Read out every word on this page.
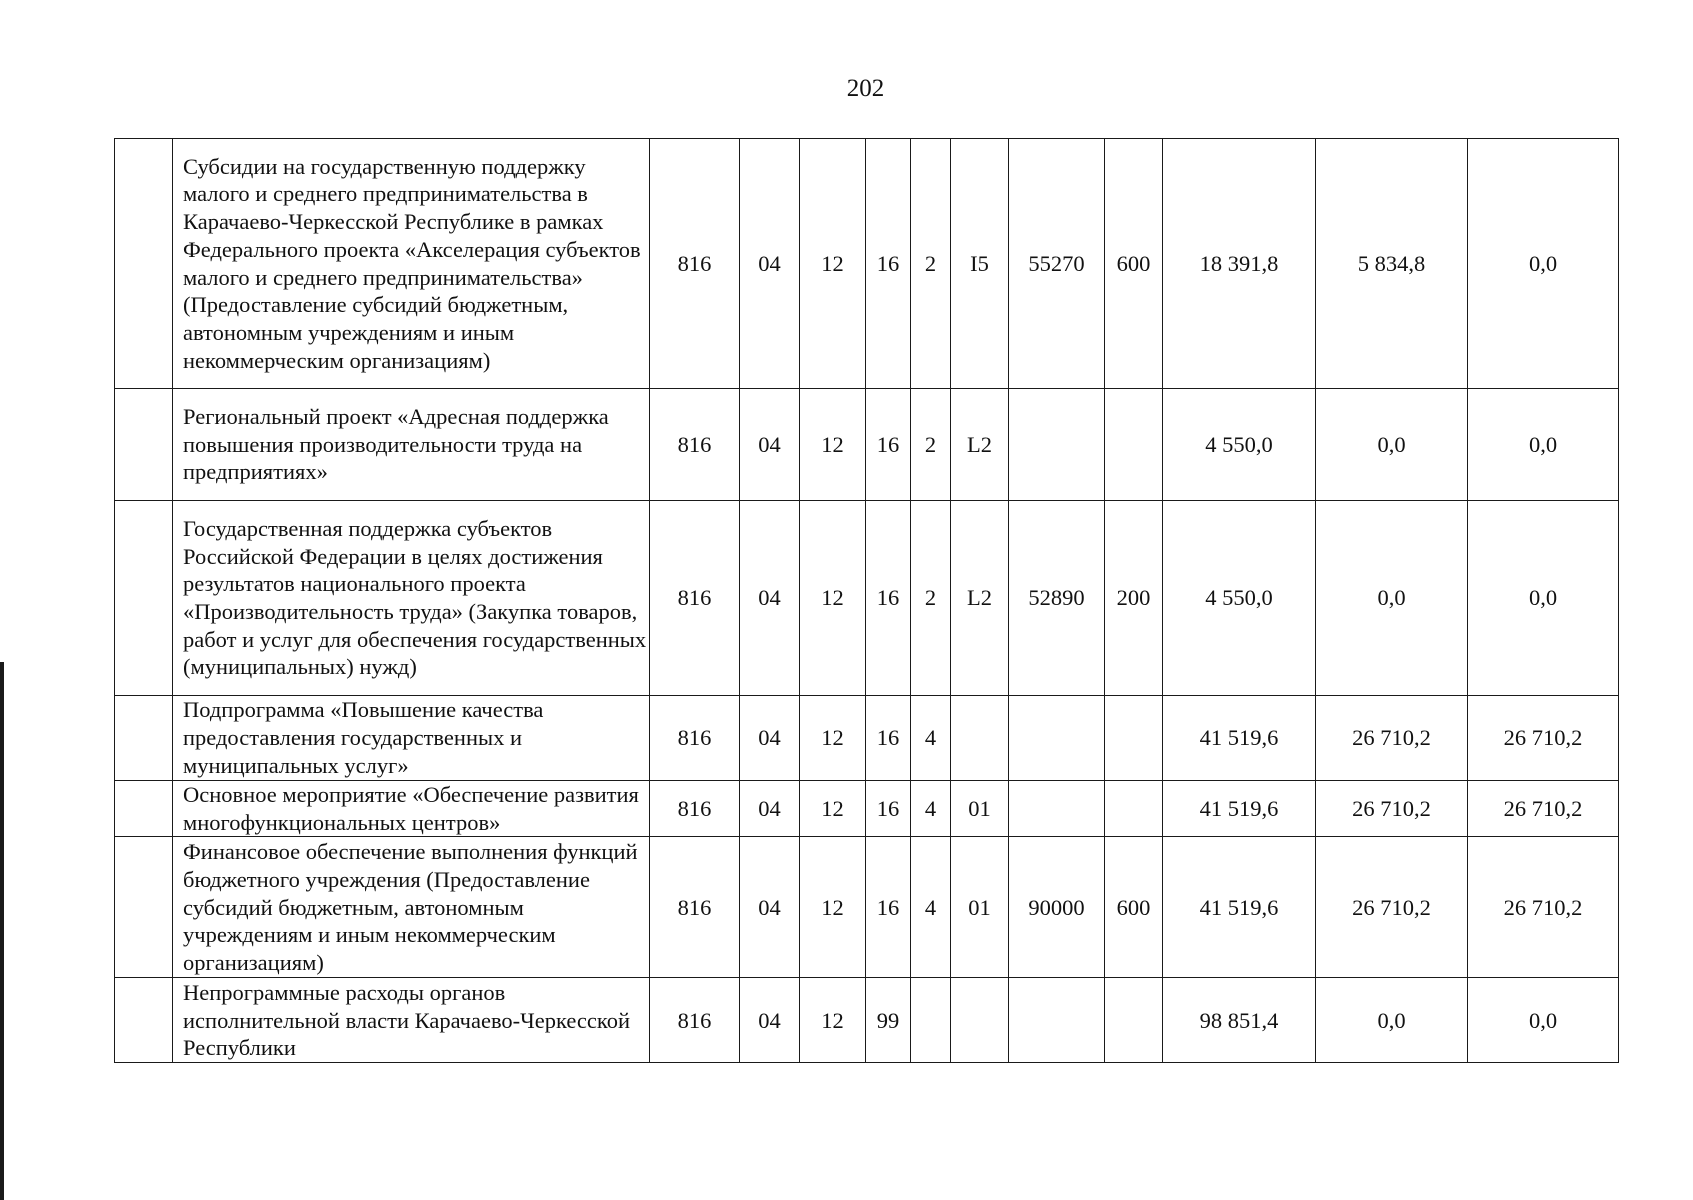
202
	Субсидии на государственную поддержку малого и среднего предпринимательства в Карачаево-Черкесской Республике в рамках Федерального проекта «Акселерация субъектов малого и среднего предпринимательства» (Предоставление субсидий бюджетным, автономным учреждениям и иным некоммерческим организациям)	816	04	12	16	2	I5	55270	600	18 391,8	5 834,8	0,0
	Региональный проект «Адресная поддержка повышения производительности труда на предприятиях»	816	04	12	16	2	L2			4 550,0	0,0	0,0
	Государственная поддержка субъектов Российской Федерации в целях достижения результатов национального проекта «Производительность труда» (Закупка товаров, работ и услуг для обеспечения государственных (муниципальных) нужд)	816	04	12	16	2	L2	52890	200	4 550,0	0,0	0,0
	Подпрограмма «Повышение качества предоставления государственных и муниципальных услуг»	816	04	12	16	4				41 519,6	26 710,2	26 710,2
	Основное мероприятие «Обеспечение развития многофункциональных центров»	816	04	12	16	4	01			41 519,6	26 710,2	26 710,2
	Финансовое обеспечение выполнения функций бюджетного учреждения (Предоставление субсидий бюджетным, автономным учреждениям и иным некоммерческим организациям)	816	04	12	16	4	01	90000	600	41 519,6	26 710,2	26 710,2
	Непрограммные расходы органов исполнительной власти Карачаево-Черкесской Республики	816	04	12	99					98 851,4	0,0	0,0
